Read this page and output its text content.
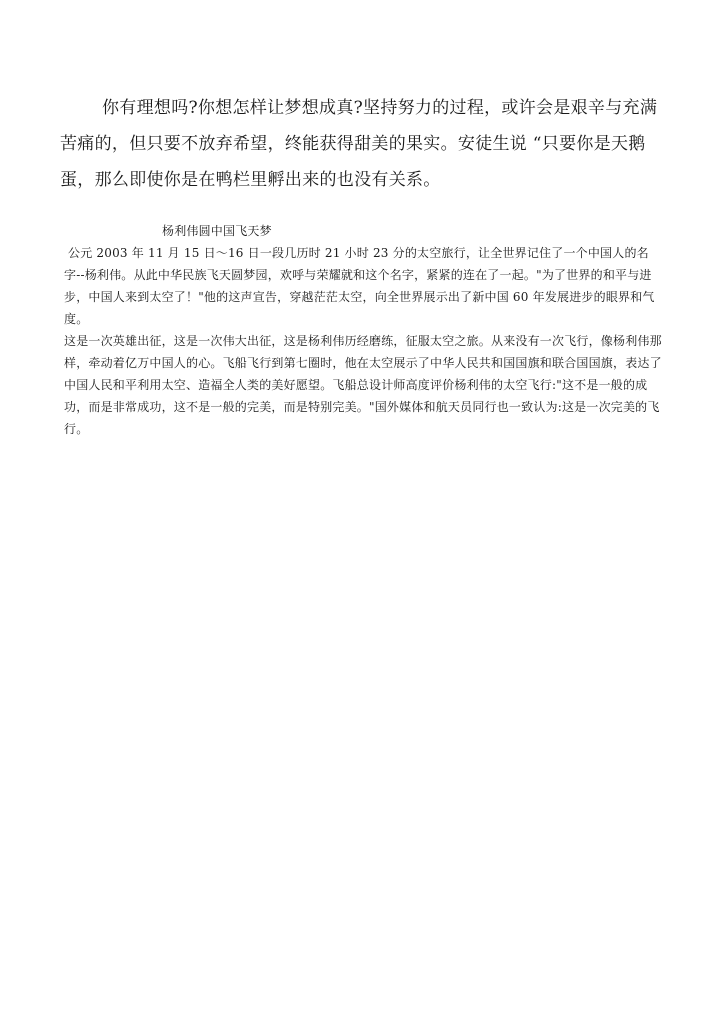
你有理想吗?你想怎样让梦想成真?坚持努力的过程，或许会是艰辛与充满苦痛的，但只要不放弃希望，终能获得甜美的果实。安徒生说 “只要你是天鹅蛋，那么即使你是在鸭栏里孵出来的也没有关系。

杨利伟圆中国飞天梦

公元 2003 年 11 月 15 日～16 日一段几历时 21 小时 23 分的太空旅行，让全世界记住了一个中国人的名字--杨利伟。从此中华民族飞天圆梦园，欢呼与荣耀就和这个名字，紧紧的连在了一起。"为了世界的和平与进步，中国人来到太空了！"他的这声宣告，穿越茫茫太空，向全世界展示出了新中国 60 年发展进步的眼界和气度。

这是一次英雄出征，这是一次伟大出征，这是杨利伟历经磨练，征服太空之旅。从来没有一次飞行，像杨利伟那样，牵动着亿万中国人的心。飞船飞行到第七圈时，他在太空展示了中华人民共和国国旗和联合国国旗，表达了中国人民和平利用太空、造福全人类的美好愿望。飞船总设计师高度评价杨利伟的太空飞行:"这不是一般的成功，而是非常成功，这不是一般的完美，而是特别完美。"国外媒体和航天员同行也一致认为:这是一次完美的飞行。
